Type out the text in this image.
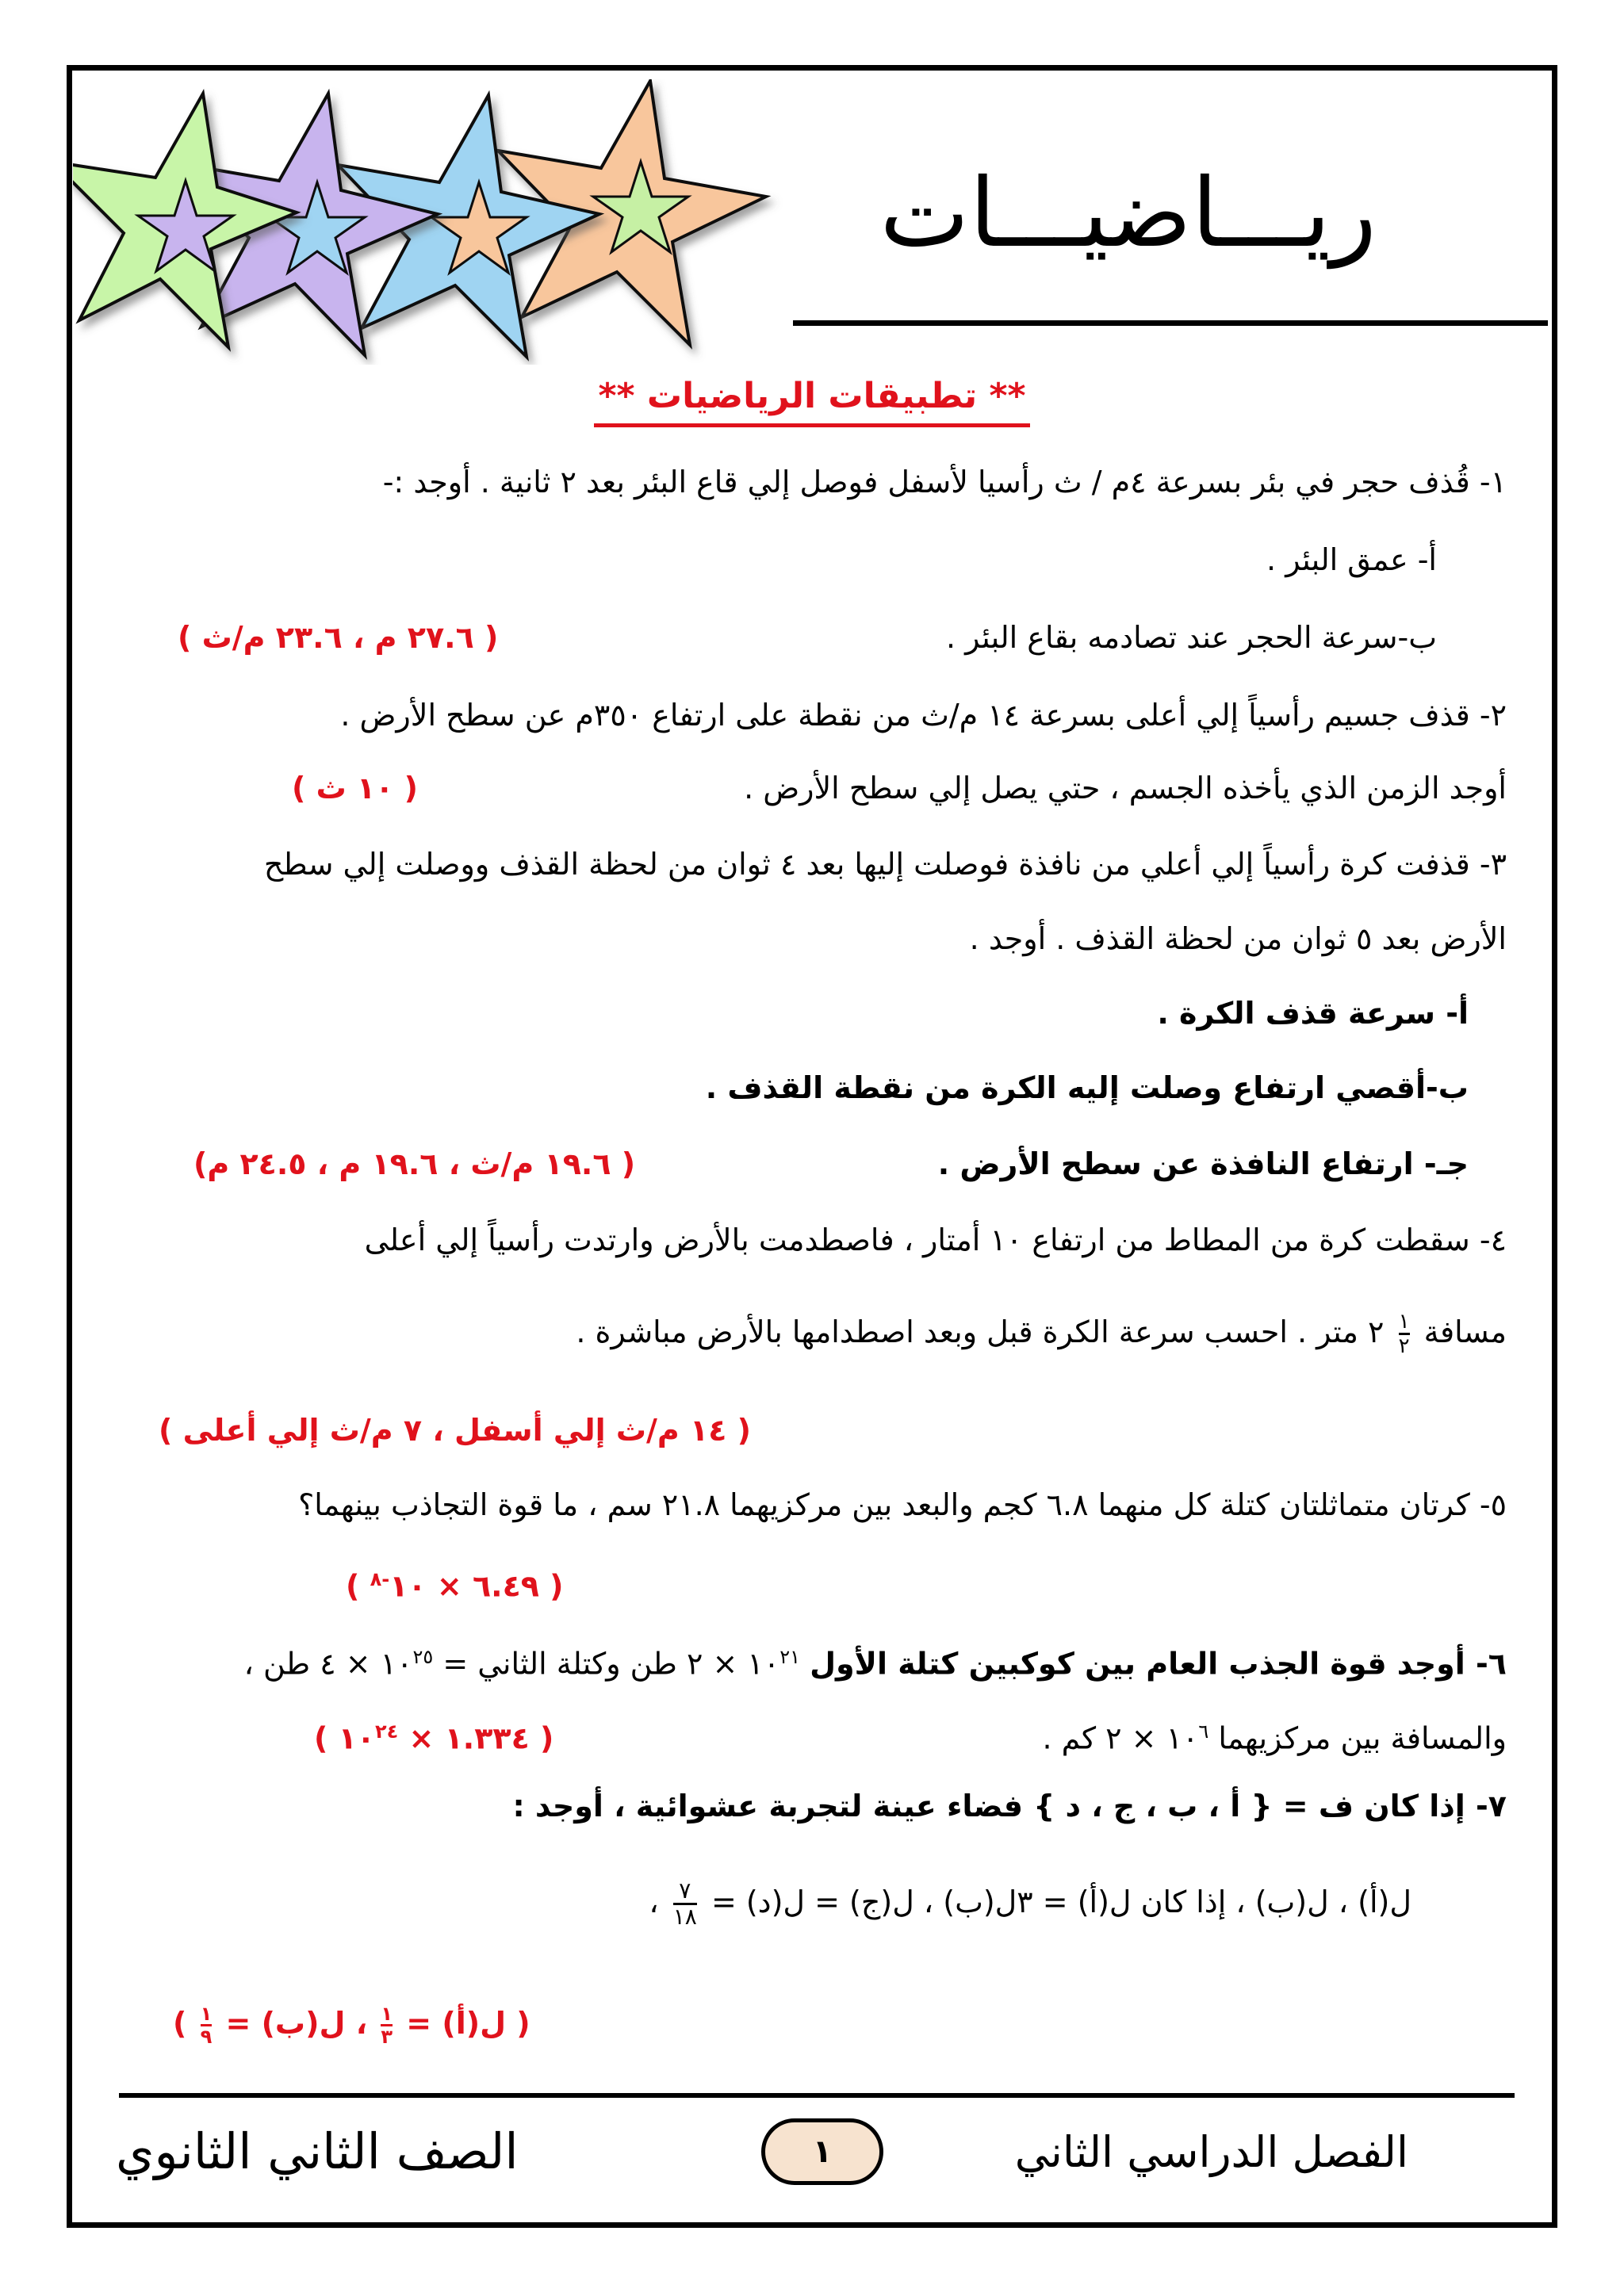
ريـــاضيـــات
** تطبيقات الرياضيات **
١- قُذف حجر في بئر بسرعة ٤م / ث رأسيا لأسفل فوصل إلي قاع البئر بعد ٢ ثانية . أوجد :-
أ- عمق البئر .
ب-سرعة الحجر عند تصادمه بقاع البئر .
( ٢٧.٦ م ، ٢٣.٦ م/ث )
٢- قذف جسيم رأسياً إلي أعلى بسرعة ١٤ م/ث من نقطة على ارتفاع ٣٥٠م عن سطح الأرض .
أوجد الزمن الذي يأخذه الجسم ، حتي يصل إلي سطح الأرض .
( ١٠ ث )
٣- قذفت كرة رأسياً إلي أعلي من نافذة فوصلت إليها بعد ٤ ثوان من لحظة القذف ووصلت إلي سطح
الأرض بعد ٥ ثوان من لحظة القذف . أوجد .
أ- سرعة قذف الكرة .
ب-أقصي ارتفاع وصلت إليه الكرة من نقطة القذف .
جـ- ارتفاع النافذة عن سطح الأرض .
( ١٩.٦ م/ث ، ١٩.٦ م ، ٢٤.٥ م)
٤- سقطت كرة من المطاط من ارتفاع ١٠ أمتار ، فاصطدمت بالأرض وارتدت رأسياً إلي أعلى
مسافة
١
٢
٢ متر . احسب سرعة الكرة قبل وبعد اصطدامها بالأرض مباشرة .
( ١٤ م/ث إلي أسفل ، ٧ م/ث إلي أعلى )
٥- كرتان متماثلتان كتلة كل منهما ٦.٨ كجم والبعد بين مركزيهما ٢١.٨ سم ، ما قوة التجاذب بينهما؟
( ٦.٤٩ × $١٠^{-٨}$ )
٦- أوجد قوة الجذب العام بين كوكبين كتلة الأول $١٠^{٢١}$ × ٢ طن وكتلة الثاني = $١٠^{٢٥}$ × ٤ طن ،
والمسافة بين مركزيهما $١٠^٦$ × ٢ كم .
( ١.٣٣٤ × $١٠^{٢٤}$ )
٧- إذا كان ف = { أ ، ب ، ج ، د } فضاء عينة لتجربة عشوائية ، أوجد :
ل(أ) ، ل(ب) ، إذا كان ل(أ) = ٣ل(ب) ، ل(ج) = ل(د) =
٧
١٨
،
( ل(أ) =
١
٣
، ل(ب) =
١
٩
)
الفصل الدراسي الثاني
١
الصف الثاني الثانوي
